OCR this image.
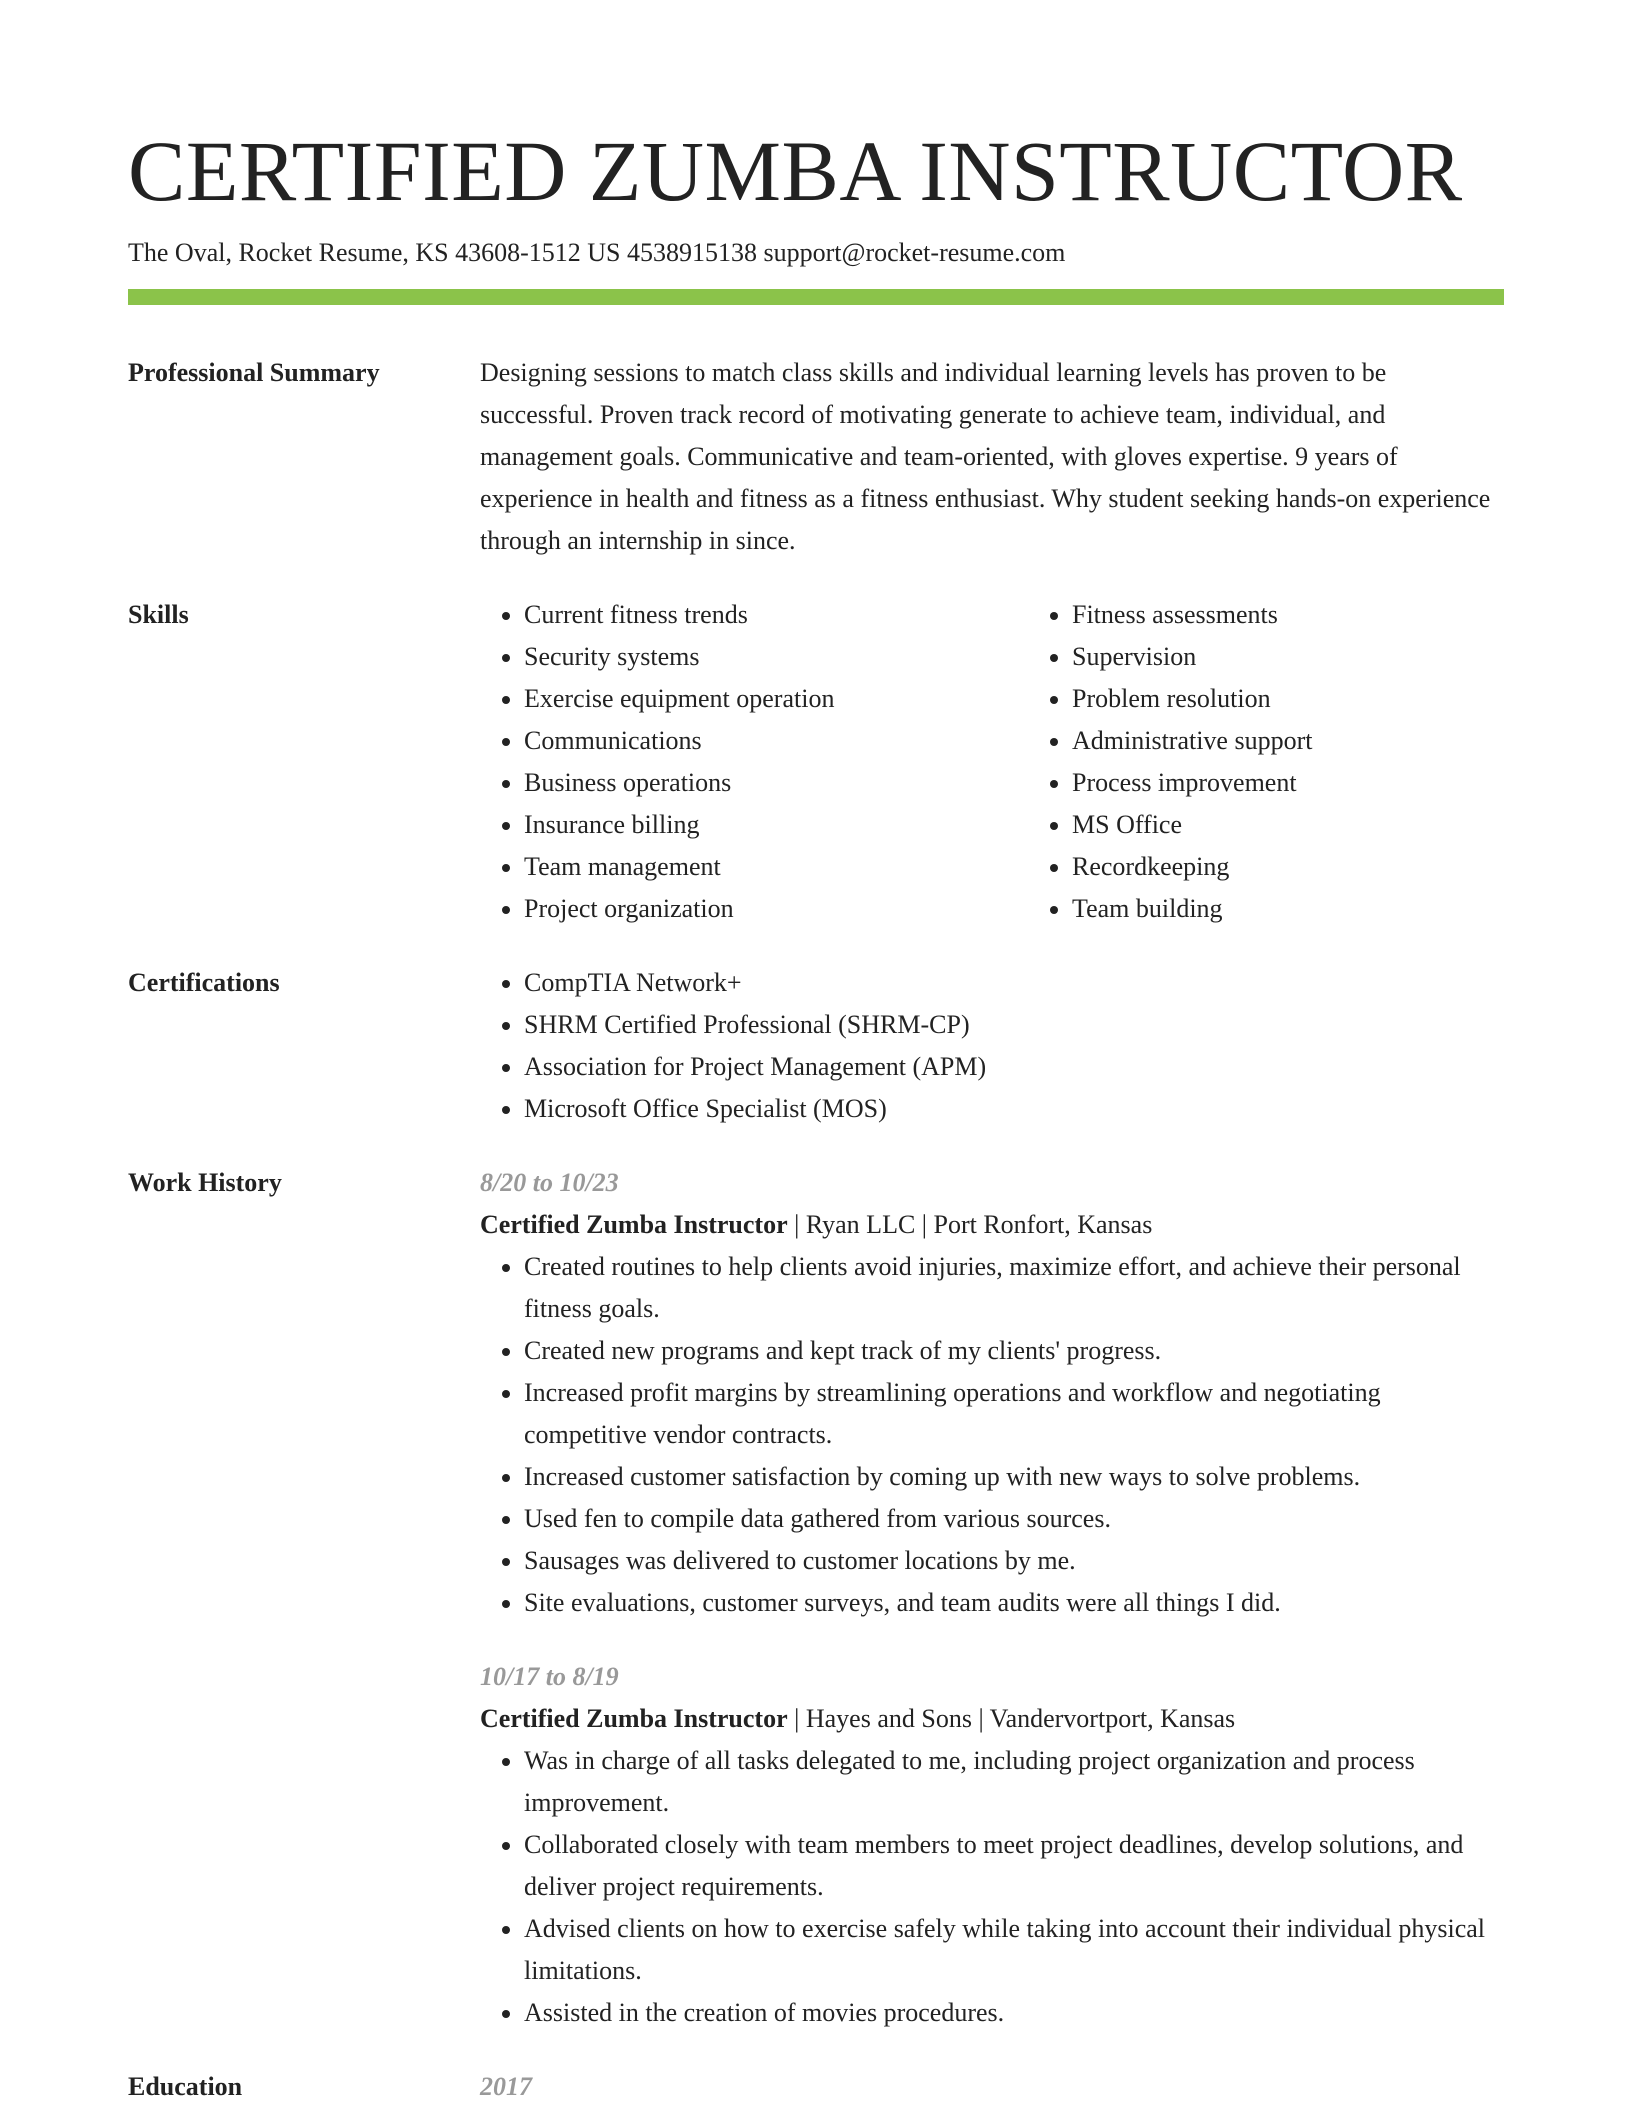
CERTIFIED ZUMBA INSTRUCTOR
The Oval, Rocket Resume, KS 43608-1512 US 4538915138 support@rocket-resume.com
Professional Summary	Designing sessions to match class skills and individual learning levels has proven to be successful. Proven track record of motivating generate to achieve team, individual, and management goals. Communicative and team-oriented, with gloves expertise. 9 years of experience in health and fitness as a fitness enthusiast. Why student seeking hands-on experience through an internship in since.

Skills	• Current fitness trends
• Security systems
• Exercise equipment operation
• Communications
• Business operations
• Insurance billing
• Team management
• Project organization
• Fitness assessments
• Supervision
• Problem resolution
• Administrative support
• Process improvement
• MS Office
• Recordkeeping
• Team building
Certifications	• CompTIA Network+
• SHRM Certified Professional (SHRM-CP)
• Association for Project Management (APM)
• Microsoft Office Specialist (MOS)
Work History	8/20 to 10/23
Certified Zumba Instructor | Ryan LLC | Port Ronfort, Kansas
• Created routines to help clients avoid injuries, maximize effort, and achieve their personal fitness goals.
• Created new programs and kept track of my clients' progress.
• Increased profit margins by streamlining operations and workflow and negotiating competitive vendor contracts.
• Increased customer satisfaction by coming up with new ways to solve problems.
• Used fen to compile data gathered from various sources.
• Sausages was delivered to customer locations by me.
• Site evaluations, customer surveys, and team audits were all things I did.
10/17 to 8/19
Certified Zumba Instructor | Hayes and Sons | Vandervortport, Kansas
• Was in charge of all tasks delegated to me, including project organization and process improvement.
• Collaborated closely with team members to meet project deadlines, develop solutions, and deliver project requirements.
• Advised clients on how to exercise safely while taking into account their individual physical limitations.
• Assisted in the creation of movies procedures.
Education	2017
